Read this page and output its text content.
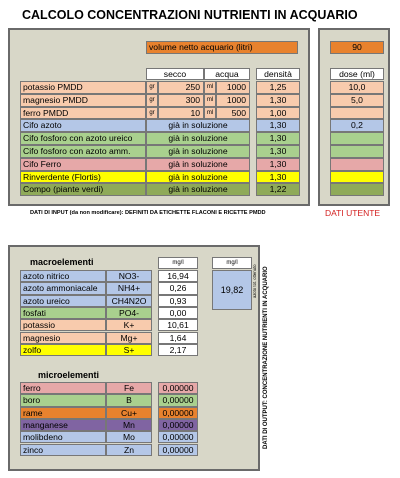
CALCOLO CONCENTRAZIONI NUTRIENTI IN ACQUARIO
volume netto acquario (litri)	90
secco	acqua	densità	dose (ml)
potassio PMDD	gr	250	ml	1000	1,25	10,0
magnesio PMDD	gr	300	ml	1000	1,30	5,0
ferro PMDD	gr	10	ml	500	1,00
Cifo azoto	già in soluzione	1,30	0,2
Cifo fosforo con azoto ureico	già in soluzione	1,30
Cifo fosforo con azoto amm.	già in soluzione	1,30
Cifo Ferro	già in soluzione	1,30
Rinverdente (Flortis)	già in soluzione	1,30
Compo (piante verdi)	già in soluzione	1,22
DATI DI INPUT (da non modificare): DEFINITI DA ETICHETTE FLACONI E RICETTE PMDD	DATI UTENTE
macroelementi	mg/l	mg/l
19,82	azoto tot. ottenuto
azoto nitrico	NO3-	16,94
azoto ammoniacale	NH4+	0,26
azoto ureico	CH4N2O	0,93
fosfati	PO4-	0,00
potassio	K+	10,61
magnesio	Mg+	1,64
zolfo	S+	2,17
microelementi
ferro	Fe	0,00000
boro	B	0,00000
rame	Cu+	0,00000
manganese	Mn	0,00000
molibdeno	Mo	0,00000
zinco	Zn	0,00000
DATI DI OUTPUT: CONCENTRAZIONE NUTRIENTI IN ACQUARIO
